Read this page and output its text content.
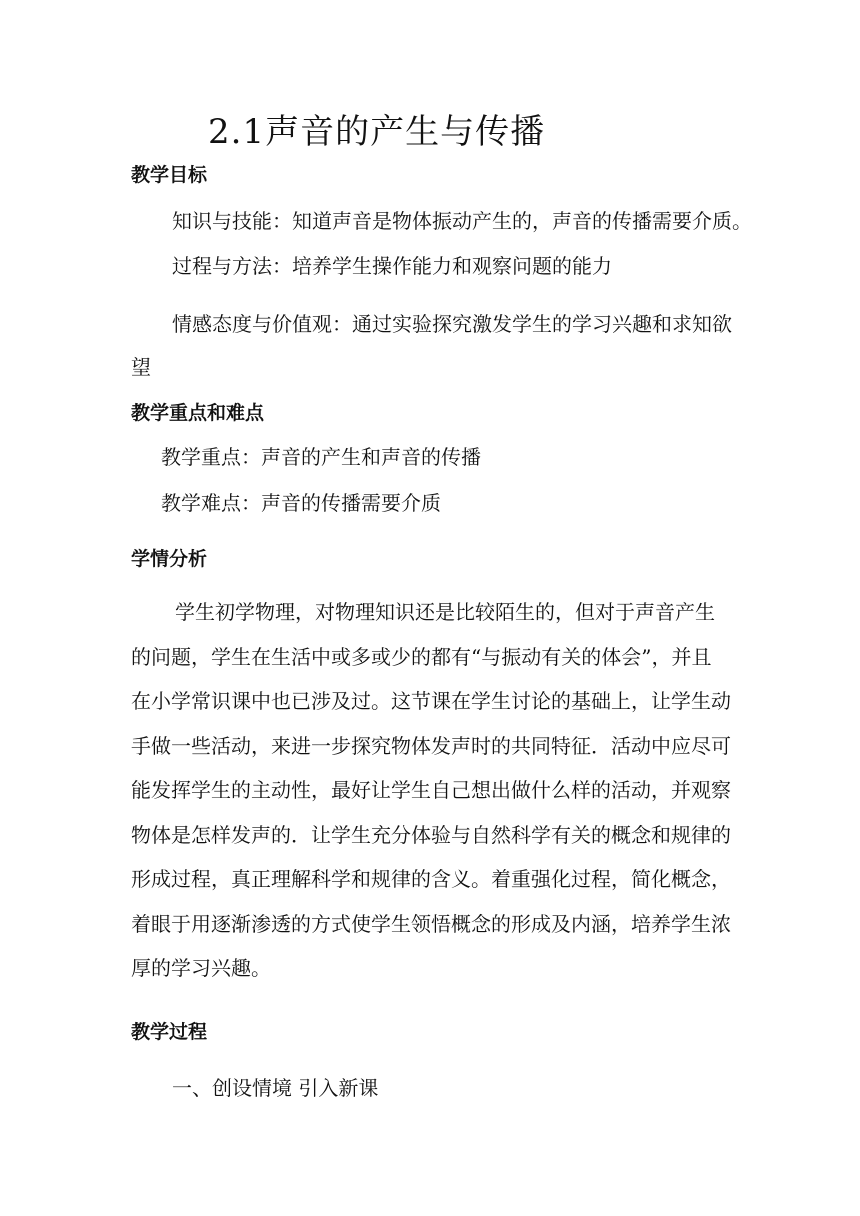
2.1声音的产生与传播
教学目标
知识与技能：知道声音是物体振动产生的，声音的传播需要介质。
过程与方法：培养学生操作能力和观察问题的能力
情感态度与价值观：通过实验探究激发学生的学习兴趣和求知欲
望
教学重点和难点
教学重点：声音的产生和声音的传播
教学难点：声音的传播需要介质
学情分析
学生初学物理，对物理知识还是比较陌生的，但对于声音产生
的问题，学生在生活中或多或少的都有“与振动有关的体会”，并且
在小学常识课中也已涉及过。这节课在学生讨论的基础上，让学生动
手做一些活动，来进一步探究物体发声时的共同特征．活动中应尽可
能发挥学生的主动性，最好让学生自己想出做什么样的活动，并观察
物体是怎样发声的．让学生充分体验与自然科学有关的概念和规律的
形成过程，真正理解科学和规律的含义。着重强化过程，简化概念，
着眼于用逐渐渗透的方式使学生领悟概念的形成及内涵，培养学生浓
厚的学习兴趣。
教学过程
一、创设情境 引入新课
